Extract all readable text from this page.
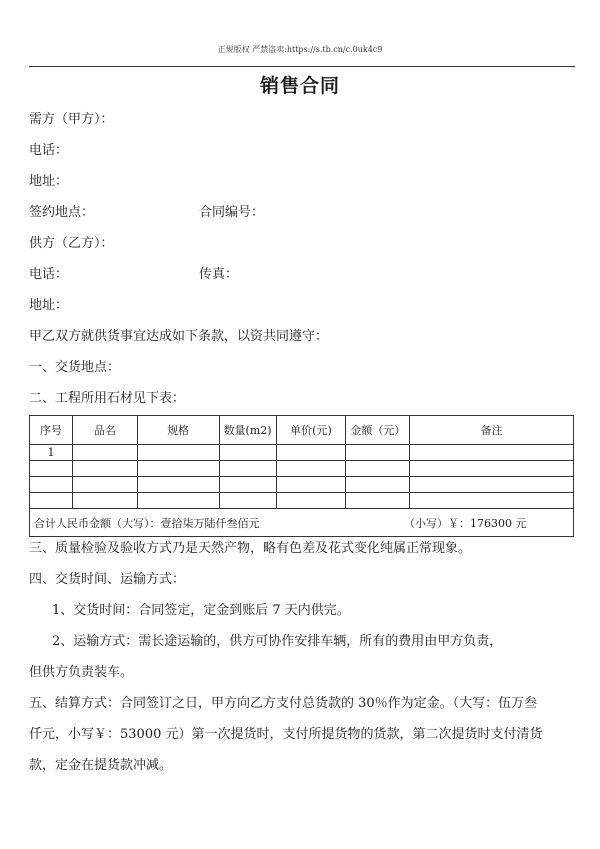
正规版权 严禁盗卖:https://s.tb.cn/c.0uk4c9
销售合同
需方（甲方）：
电话：
地址：
签约地点：	合同编号：
供方（乙方）：
电话：	传真：
地址：
甲乙双方就供货事宜达成如下条款，以资共同遵守：
一、交货地点：
二、工程所用石材见下表：
序号	品名	规格	数量(m2)	单价(元)	金额（元）	备注
1						

合计人民币金额（大写）：壹拾柒万陆仟叁佰元 （小写）￥：176300 元						
三、质量检验及验收方式乃是天然产物，略有色差及花式变化纯属正常现象。
四、交货时间、运输方式：
1、交货时间：合同签定，定金到账后 7 天内供完。
2、运输方式：需长途运输的，供方可协作安排车辆，所有的费用由甲方负责，
但供方负责装车。
五、结算方式：合同签订之日，甲方向乙方支付总货款的 30％作为定金。（大写：伍万叁
仟元，小写￥：53000 元）第一次提货时，支付所提货物的货款，第二次提货时支付清货
款，定金在提货款冲减。
